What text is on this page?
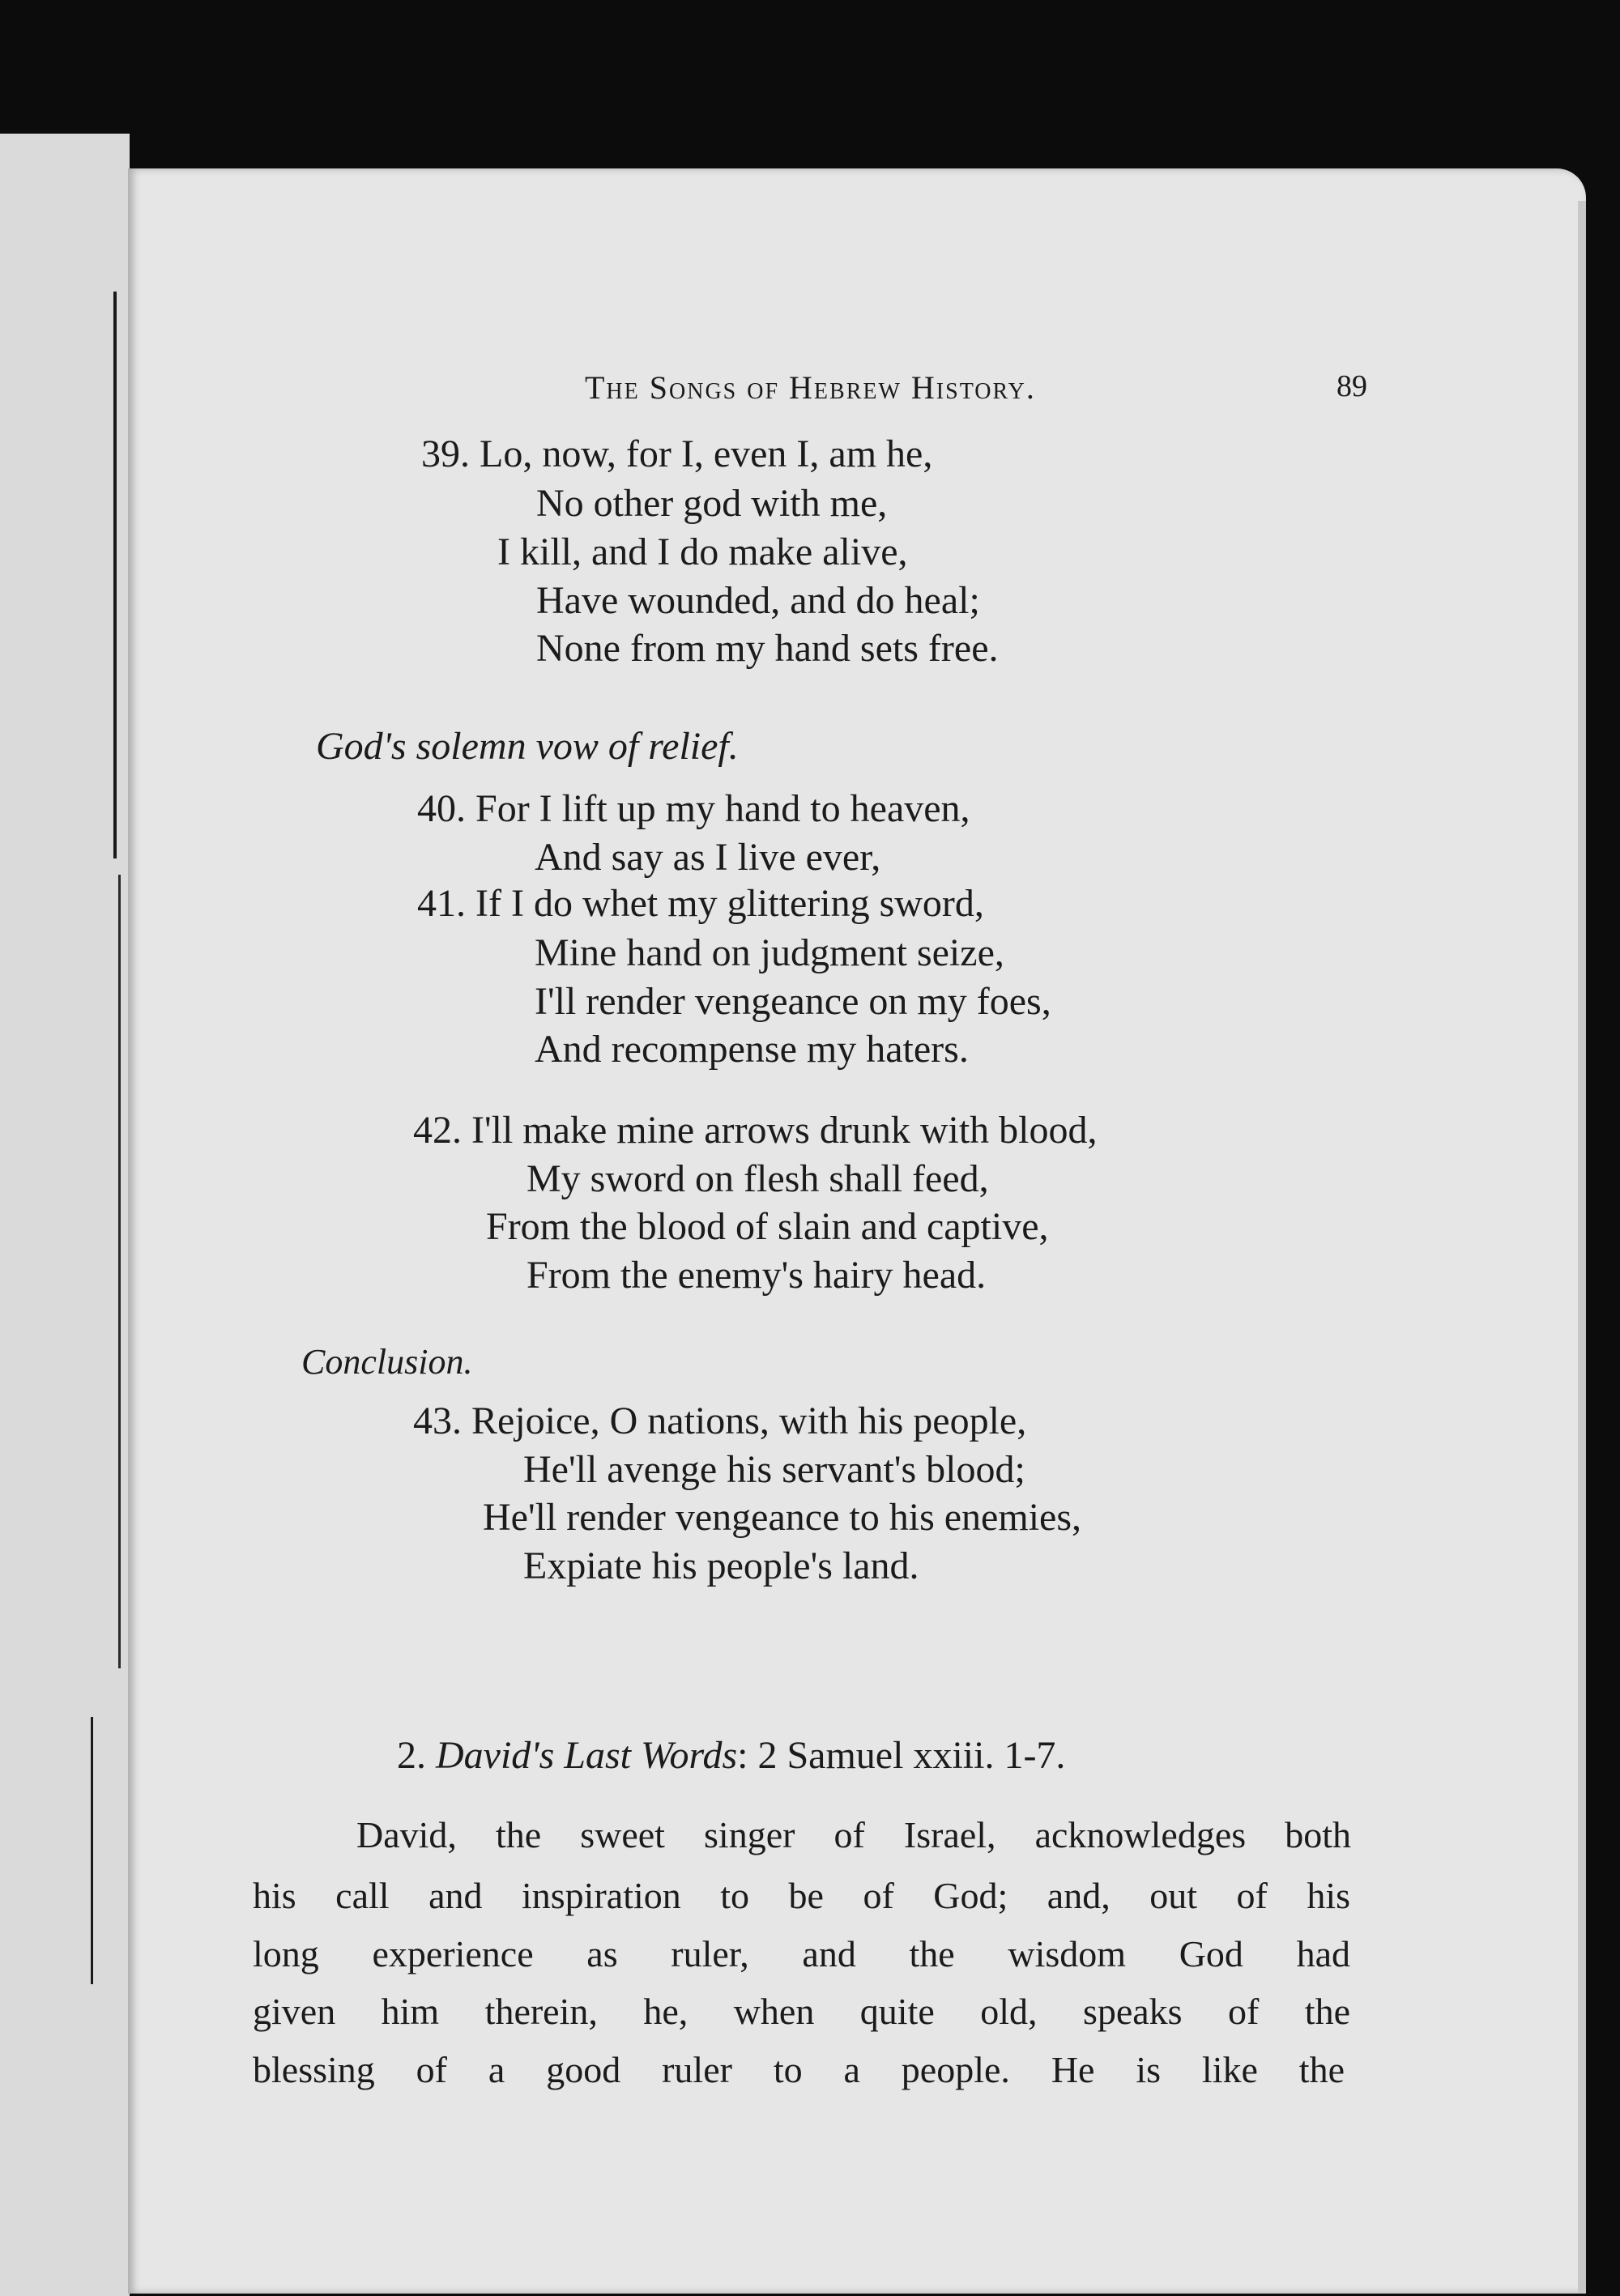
The Songs of Hebrew History.	89
39. Lo, now, for I, even I, am he,
No other god with me,
I kill, and I do make alive,
Have wounded, and do heal;
None from my hand sets free.
God's solemn vow of relief.
40. For I lift up my hand to heaven,
And say as I live ever,
41. If I do whet my glittering sword,
Mine hand on judgment seize,
I'll render vengeance on my foes,
And recompense my haters.
42. I'll make mine arrows drunk with blood,
My sword on flesh shall feed,
From the blood of slain and captive,
From the enemy's hairy head.
Conclusion.
43. Rejoice, O nations, with his people,
He'll avenge his servant's blood;
He'll render vengeance to his enemies,
Expiate his people's land.
2. David's Last Words: 2 Samuel xxiii. 1-7.
David, the sweet singer of Israel, acknowledges both
his call and inspiration to be of God; and, out of his
long experience as ruler, and the wisdom God had
given him therein, he, when quite old, speaks of the
blessing of a good ruler to a people. He is like the
